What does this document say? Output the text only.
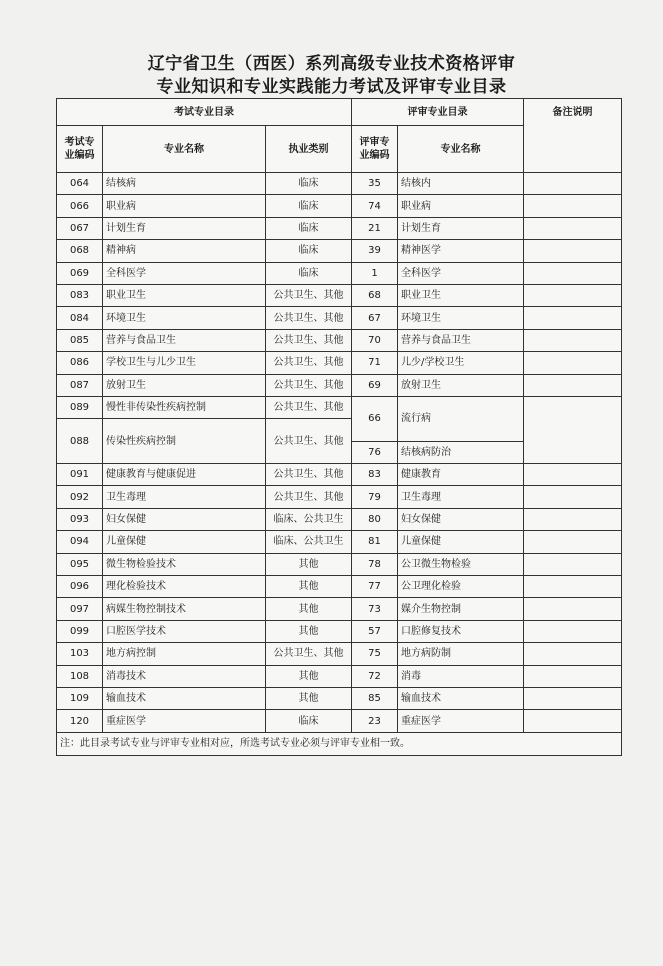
辽宁省卫生（西医）系列高级专业技术资格评审
专业知识和专业实践能力考试及评审专业目录
考试专业目录			评审专业目录		备注说明
考试专业编码	专业名称	执业类别	评审专业编码	专业名称	
064	结核病	临床	35	结核内	
066	职业病	临床	74	职业病	
067	计划生育	临床	21	计划生育	
068	精神病	临床	39	精神医学	
069	全科医学	临床	1	全科医学	
083	职业卫生	公共卫生、其他	68	职业卫生	
084	环境卫生	公共卫生、其他	67	环境卫生	
085	营养与食品卫生	公共卫生、其他	70	营养与食品卫生	
086	学校卫生与儿少卫生	公共卫生、其他	71	儿少/学校卫生	
087	放射卫生	公共卫生、其他	69	放射卫生	
089	慢性非传染性疾病控制	公共卫生、其他	66	流行病	
088	传染性疾病控制	公共卫生、其他			
			76	结核病防治	
091	健康教育与健康促进	公共卫生、其他	83	健康教育	
092	卫生毒理	公共卫生、其他	79	卫生毒理	
093	妇女保健	临床、公共卫生	80	妇女保健	
094	儿童保健	临床、公共卫生	81	儿童保健	
095	微生物检验技术	其他	78	公卫微生物检验	
096	理化检验技术	其他	77	公卫理化检验	
097	病媒生物控制技术	其他	73	媒介生物控制	
099	口腔医学技术	其他	57	口腔修复技术	
103	地方病控制	公共卫生、其他	75	地方病防制	
108	消毒技术	其他	72	消毒	
109	输血技术	其他	85	输血技术	
120	重症医学	临床	23	重症医学	
注：此目录考试专业与评审专业相对应，所选考试专业必须与评审专业相一致。					
